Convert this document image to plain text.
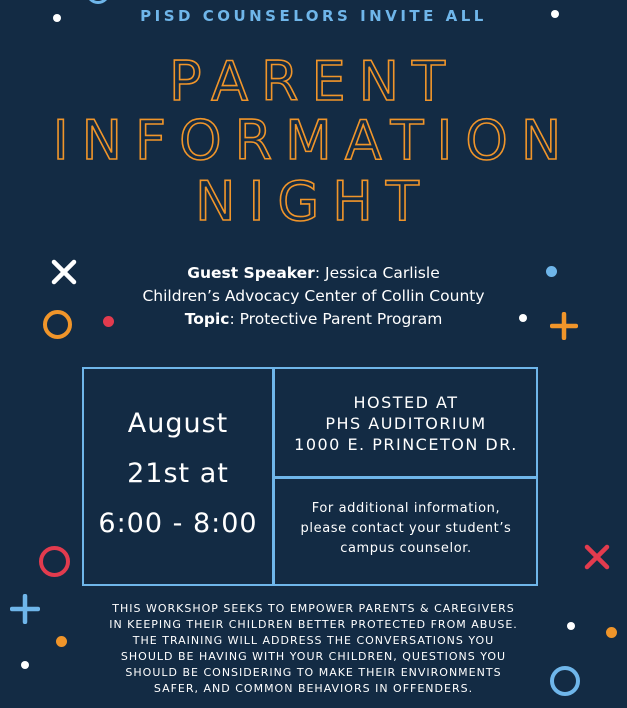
PISD COUNSELORS INVITE ALL
PARENT
INFORMATION
NIGHT
Guest Speaker: Jessica Carlisle
Children’s Advocacy Center of Collin County
Topic: Protective Parent Program
August
21st at
6:00 - 8:00
HOSTED AT
PHS AUDITORIUM
1000 E. PRINCETON DR.
For additional information,
please contact your student’s
campus counselor.
THIS WORKSHOP SEEKS TO EMPOWER PARENTS & CAREGIVERS
IN KEEPING THEIR CHILDREN BETTER PROTECTED FROM ABUSE.
THE TRAINING WILL ADDRESS THE CONVERSATIONS YOU
SHOULD BE HAVING WITH YOUR CHILDREN, QUESTIONS YOU
SHOULD BE CONSIDERING TO MAKE THEIR ENVIRONMENTS
SAFER, AND COMMON BEHAVIORS IN OFFENDERS.
